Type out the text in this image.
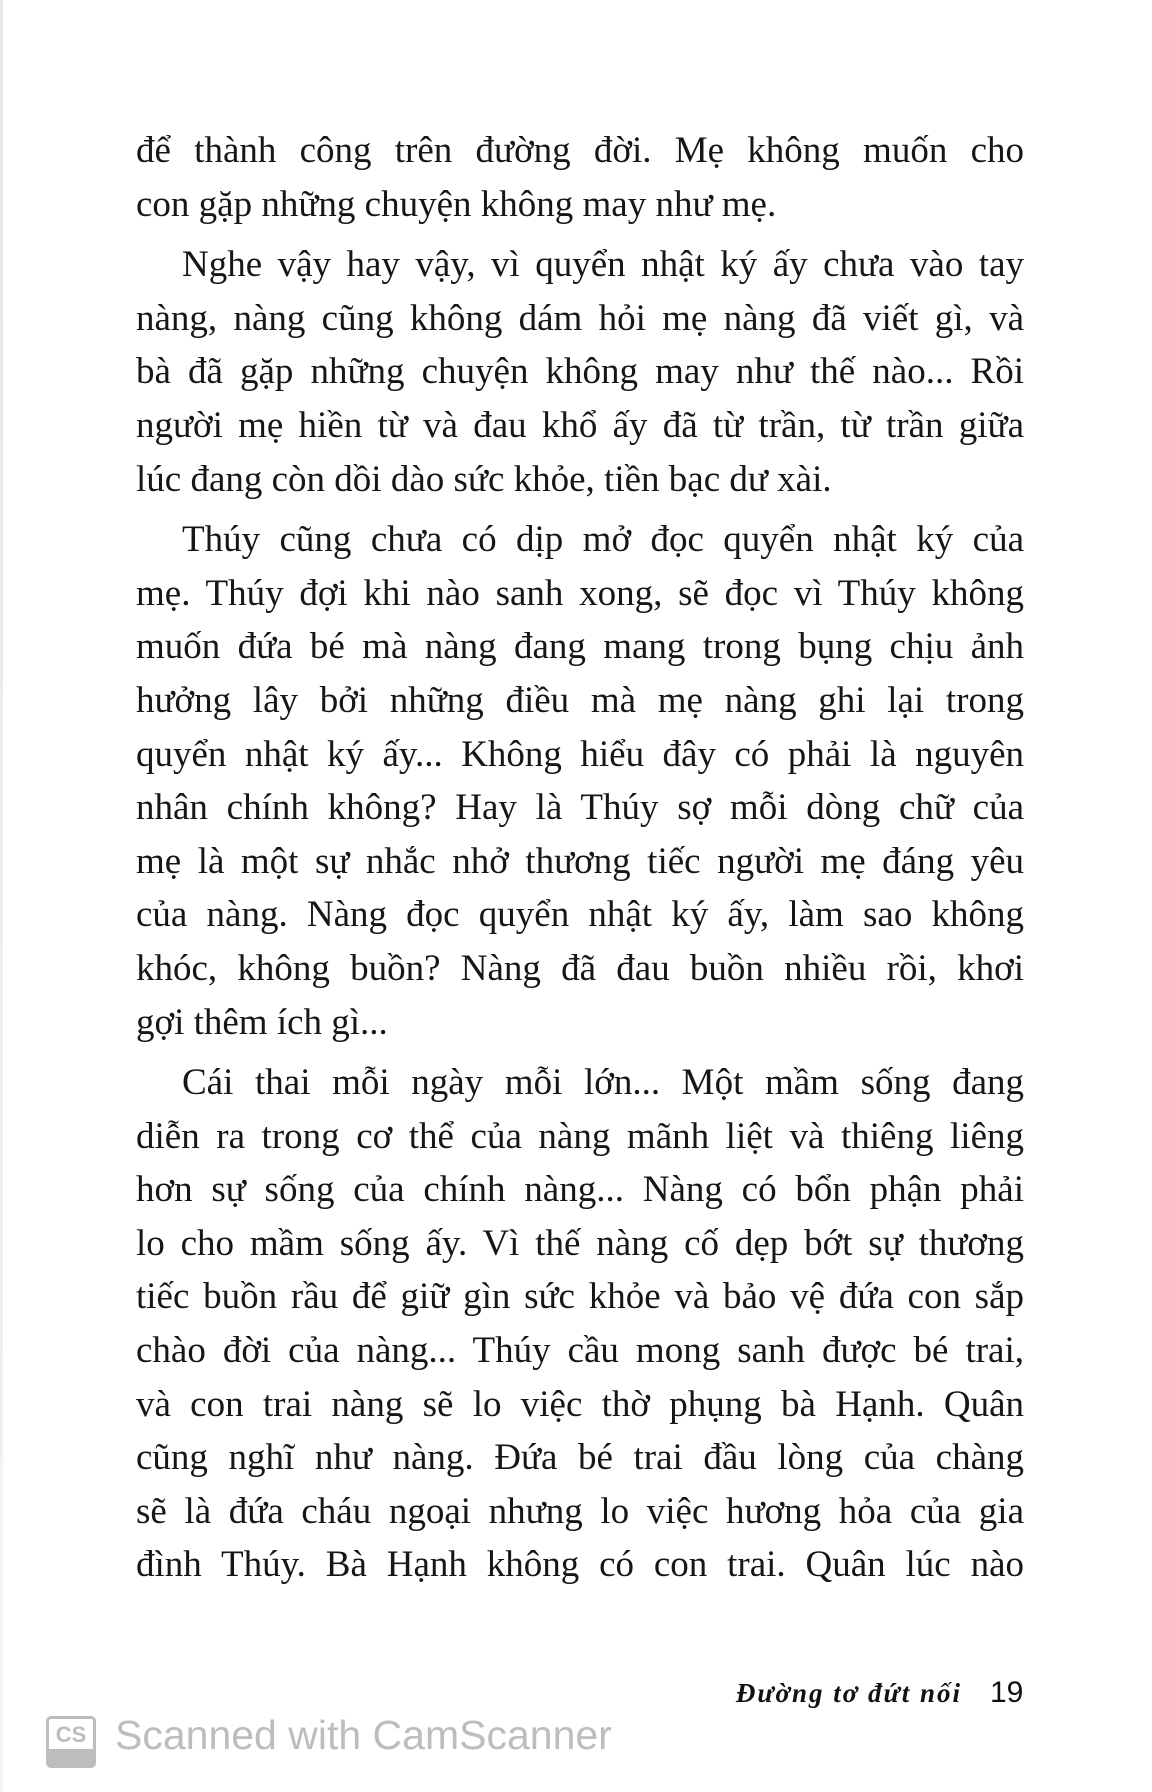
để thành công trên đường đời. Mẹ không muốn cho
con gặp những chuyện không may như mẹ.
Nghe vậy hay vậy, vì quyển nhật ký ấy chưa vào tay
nàng, nàng cũng không dám hỏi mẹ nàng đã viết gì, và
bà đã gặp những chuyện không may như thế nào... Rồi
người mẹ hiền từ và đau khổ ấy đã từ trần, từ trần giữa
lúc đang còn dồi dào sức khỏe, tiền bạc dư xài.
Thúy cũng chưa có dịp mở đọc quyển nhật ký của
mẹ. Thúy đợi khi nào sanh xong, sẽ đọc vì Thúy không
muốn đứa bé mà nàng đang mang trong bụng chịu ảnh
hưởng lây bởi những điều mà mẹ nàng ghi lại trong
quyển nhật ký ấy... Không hiểu đây có phải là nguyên
nhân chính không? Hay là Thúy sợ mỗi dòng chữ của
mẹ là một sự nhắc nhở thương tiếc người mẹ đáng yêu
của nàng. Nàng đọc quyển nhật ký ấy, làm sao không
khóc, không buồn? Nàng đã đau buồn nhiều rồi, khơi
gợi thêm ích gì...
Cái thai mỗi ngày mỗi lớn... Một mầm sống đang
diễn ra trong cơ thể của nàng mãnh liệt và thiêng liêng
hơn sự sống của chính nàng... Nàng có bổn phận phải
lo cho mầm sống ấy. Vì thế nàng cố dẹp bớt sự thương
tiếc buồn rầu để giữ gìn sức khỏe và bảo vệ đứa con sắp
chào đời của nàng... Thúy cầu mong sanh được bé trai,
và con trai nàng sẽ lo việc thờ phụng bà Hạnh. Quân
cũng nghĩ như nàng. Đứa bé trai đầu lòng của chàng
sẽ là đứa cháu ngoại nhưng lo việc hương hỏa của gia
đình Thúy. Bà Hạnh không có con trai. Quân lúc nào
Đường tơ đứt nối 19
CS Scanned with CamScanner
